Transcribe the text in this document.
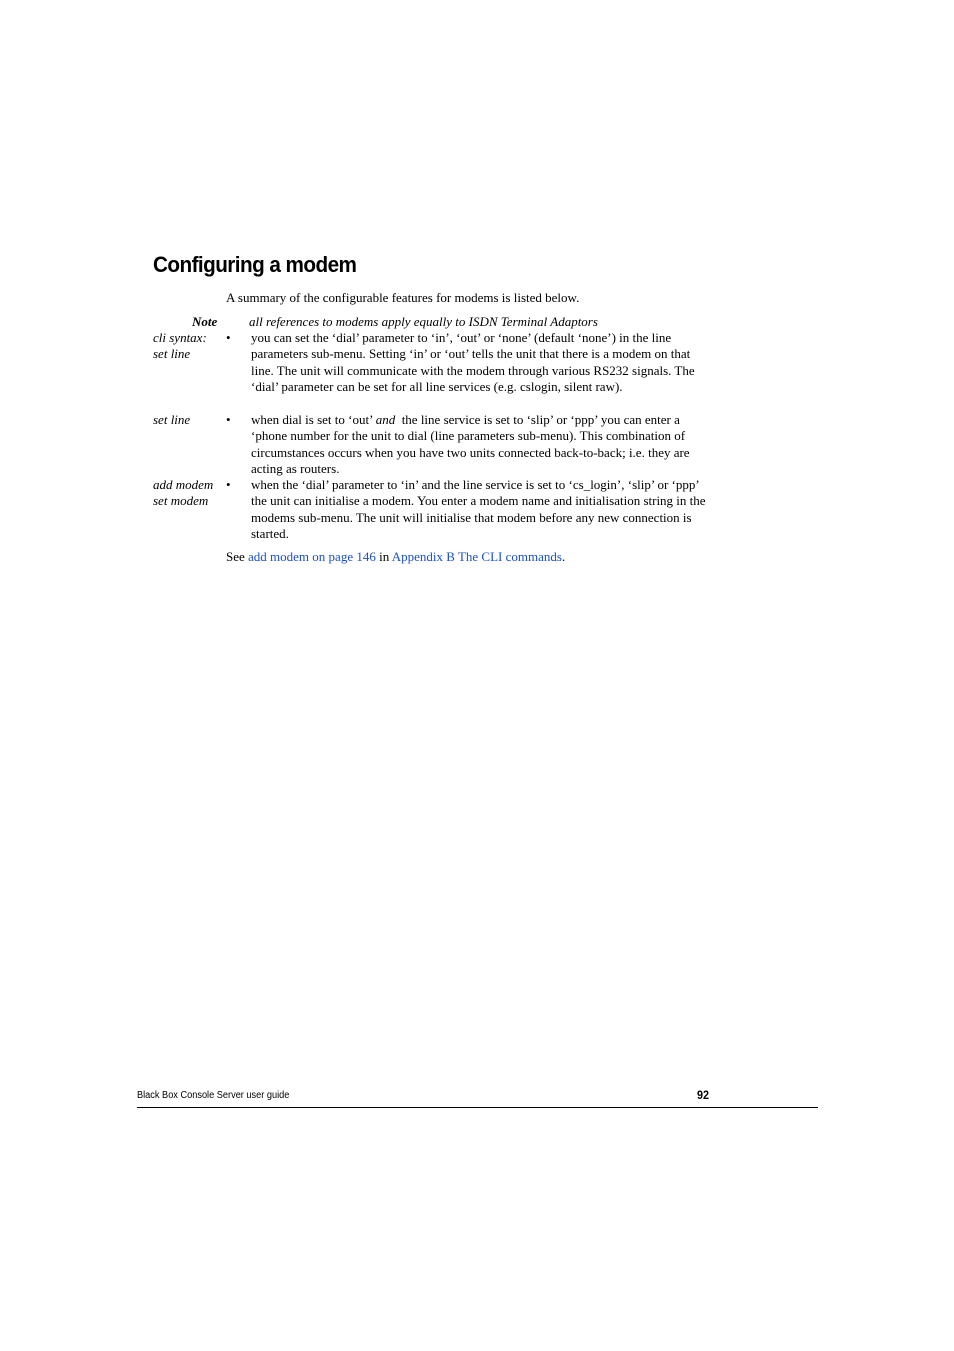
Configuring a modem
A summary of the configurable features for modems is listed below.
Note all references to modems apply equally to ISDN Terminal Adaptors
cli syntax:
set line
• you can set the ‘dial’ parameter to ‘in’, ‘out’ or ‘none’ (default ‘none’) in the line parameters sub-menu. Setting ‘in’ or ‘out’ tells the unit that there is a modem on that line. The unit will communicate with the modem through various RS232 signals. The ‘dial’ parameter can be set for all line services (e.g. cslogin, silent raw).
set line	• when dial is set to ‘out’ and  the line service is set to ‘slip’ or ‘ppp’ you can enter a ‘phone number for the unit to dial (line parameters sub-menu). This combination of circumstances occurs when you have two units connected back-to-back; i.e. they are acting as routers.
add modem
set modem
• when the ‘dial’ parameter to ‘in’ and the line service is set to ‘cs_login’, ‘slip’ or ‘ppp’ the unit can initialise a modem. You enter a modem name and initialisation string in the modems sub-menu. The unit will initialise that modem before any new connection is started.
See add modem on page 146 in Appendix B The CLI commands.
Black Box Console Server user guide	92
